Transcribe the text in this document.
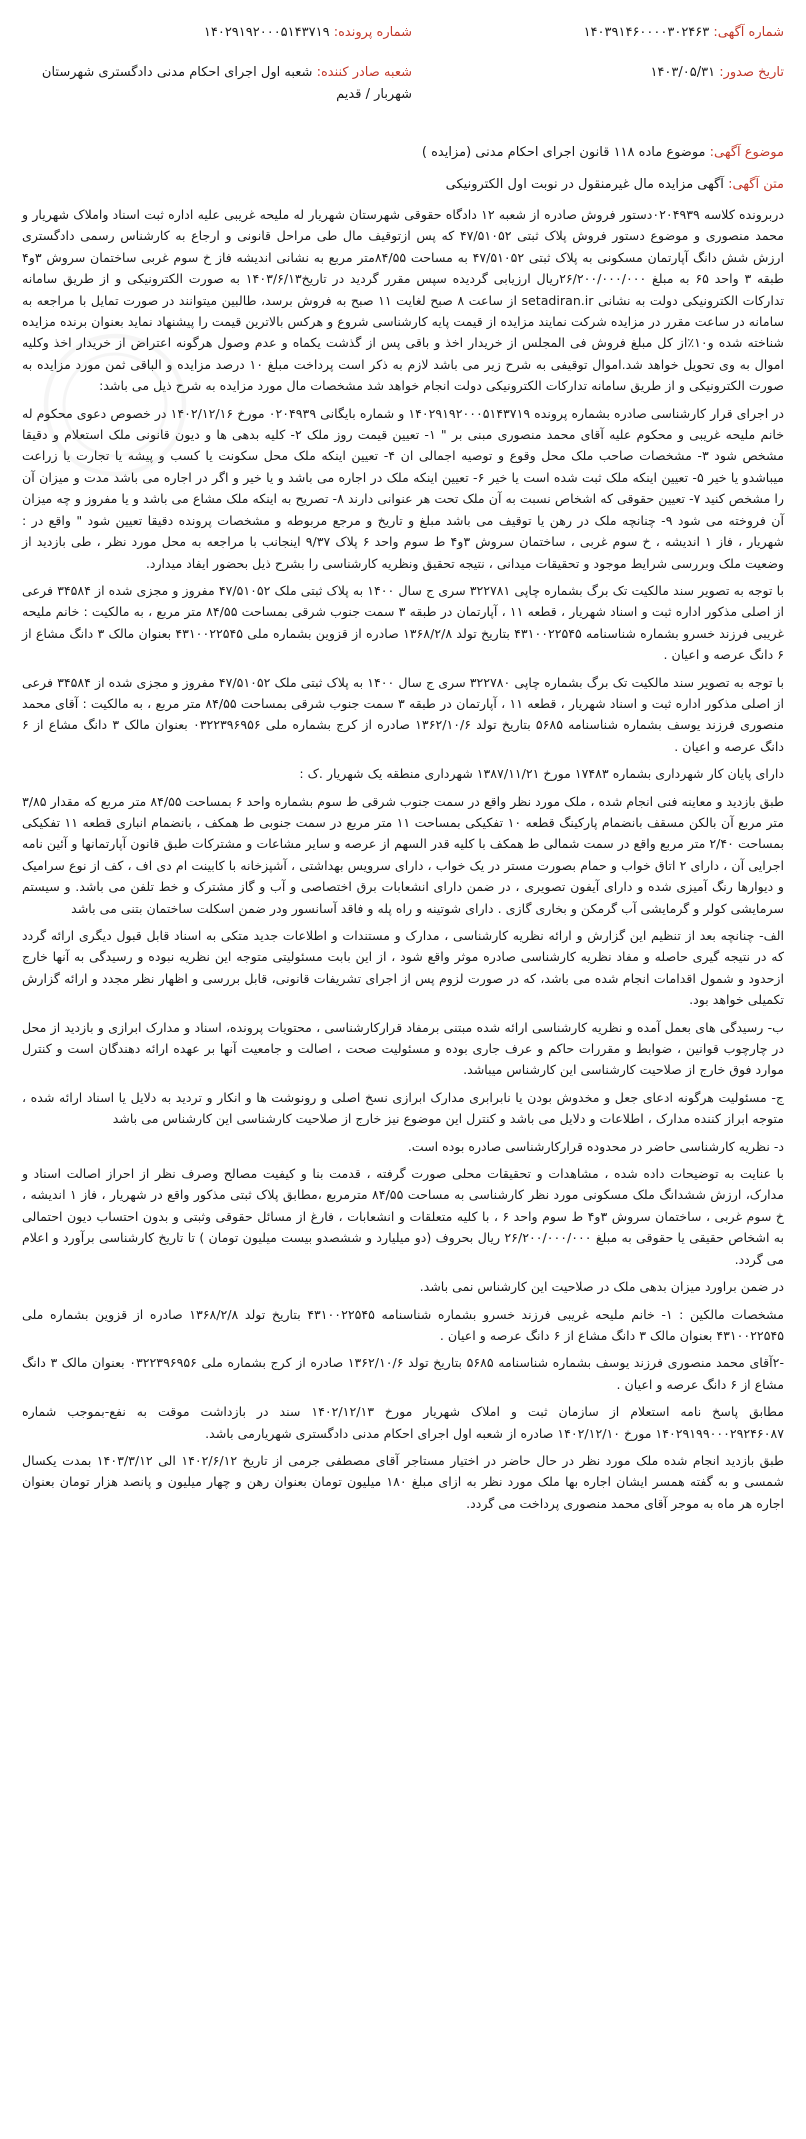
شماره آگهی: ۱۴۰۳۹۱۴۶۰۰۰۰۳۰۲۴۶۳
شماره پرونده: ۱۴۰۲۹۱۹۲۰۰۰۵۱۴۳۷۱۹
تاریخ صدور: ۱۴۰۳/۰۵/۳۱
شعبه صادر کننده: شعبه اول اجرای احکام مدنی دادگستری شهرستان شهربار / قدیم
موضوع آگهی: موضوع ماده ۱۱۸ قانون اجرای احکام مدنی (مزایده )
متن آگهی: آگهی مزایده مال غیرمنقول در نوبت اول الکترونیکی

دربرونده کلاسه ۰۲۰۴۹۳۹دستور فروش صادره از شعبه ۱۲ دادگاه حقوقی شهرستان شهریار له ملیحه غریبی علیه اداره ثبت اسناد واملاک شهریار و محمد منصوری و موضوع دستور فروش پلاک ثبتی ۴۷/۵۱۰۵۲ که پس ازتوقیف مال طی مراحل قانونی و ارجاع به کارشناس رسمی دادگستری ارزش شش دانگ آپارتمان مسکونی به پلاک ثبتی ۴۷/۵۱۰۵۲ به مساحت ۸۴/۵۵متر مربع به نشانی اندیشه فاز خ سوم غربی ساختمان سروش ۳و۴ طبقه ۳ واحد ۶۵ به مبلغ ۲۶/۲۰۰/۰۰۰/۰۰۰ریال ارزیابی گردیده سپس مقرر گردید در تاریخ۱۴۰۳/۶/۱۳ به صورت الکترونیکی و از طریق سامانه تدارکات الکترونیکی دولت به نشانی setadiran.ir از ساعت ۸ صبح لغایت ۱۱ صبح به فروش برسد، طالبین میتوانند در صورت تمایل با مراجعه به سامانه در ساعت مقرر در مزایده شرکت نمایند مزایده از قیمت پایه کارشناسی شروع و هرکس بالاترین قیمت را پیشنهاد نماید بعنوان برنده مزایده شناخته شده و۱۰٪از کل مبلغ فروش فی المجلس از خریدار اخذ و باقی پس از گذشت یکماه و عدم وصول هرگونه اعتراض از خریدار اخذ وکلیه اموال به وی تحویل خواهد شد.اموال توقیفی به شرح زیر می باشد لازم به ذکر است پرداخت مبلغ ۱۰ درصد مزایده و الباقی ثمن مورد مزایده به صورت الکترونیکی و از طریق سامانه تدارکات الکترونیکی دولت انجام خواهد شد مشخصات مال مورد مزایده به شرح ذیل می باشد:

در اجرای قرار کارشناسی صادره بشماره پرونده ۱۴۰۲۹۱۹۲۰۰۰۵۱۴۳۷۱۹ و شماره بایگانی ۰۲۰۴۹۳۹ مورخ ۱۴۰۲/۱۲/۱۶ در خصوص دعوی محکوم له خانم ملیحه غریبی و محکوم علیه آقای محمد منصوری مبنی بر " ۱- تعیین قیمت روز ملک ۲- کلیه بدهی ها و دیون قانونی ملک استعلام و دقیقا مشخص شود ۳- مشخصات صاحب ملک محل وقوع و توصیه اجمالی ان ۴- تعیین اینکه ملک محل سکونت یا کسب و پیشه یا تجارت یا زراعت میباشدو یا خیر ۵- تعیین اینکه ملک ثبت شده است یا خیر ۶- تعیین اینکه ملک در اجاره می باشد و یا خیر و اگر در اجاره می باشد مدت و میزان آن را مشخص کنید ۷- تعیین حقوقی که اشخاص نسبت به آن ملک تحت هر عنوانی دارند ۸- تصریح به اینکه ملک مشاع می باشد و یا مفروز و چه میزان آن فروخته می شود ۹- چنانچه ملک در رهن یا توقیف می باشد مبلغ و تاریخ و مرجع مربوطه و مشخصات پرونده دقیقا تعیین شود " واقع در : شهریار ، فاز ۱ اندیشه ، خ سوم غربی ، ساختمان سروش ۳و۴ ط سوم واحد ۶ پلاک ۹/۳۷ اینجانب با مراجعه به محل مورد نظر ، طی بازدید از وضعیت ملک وبررسی شرایط موجود و تحقیقات میدانی ، نتیجه تحقیق ونظریه کارشناسی را بشرح ذیل بحضور ایفاد میدارد.

با توجه به تصویر سند مالکیت تک برگ بشماره چاپی ۳۲۲۷۸۱ سری ج سال ۱۴۰۰ به پلاک ثبتی ملک ۴۷/۵۱۰۵۲ مفروز و مجزی شده از ۳۴۵۸۴ فرعی از اصلی مذکور اداره ثبت و اسناد شهریار ، قطعه ۱۱ ، آپارتمان در طبقه ۳ سمت جنوب شرقی بمساحت ۸۴/۵۵ متر مربع ، به مالکیت : خانم ملیحه غریبی فرزند خسرو بشماره شناسنامه ۴۳۱۰۰۲۲۵۴۵ بتاریخ تولد ۱۳۶۸/۲/۸ صادره از قزوین بشماره ملی ۴۳۱۰۰۲۲۵۴۵ بعنوان مالک ۳ دانگ مشاع از ۶ دانگ عرصه و اعیان .

با توجه به تصویر سند مالکیت تک برگ بشماره چاپی ۳۲۲۷۸۰ سری ج سال ۱۴۰۰ به پلاک ثبتی ملک ۴۷/۵۱۰۵۲ مفروز و مجزی شده از ۳۴۵۸۴ فرعی از اصلی مذکور اداره ثبت و اسناد شهریار ، قطعه ۱۱ ، آپارتمان در طبقه ۳ سمت جنوب شرقی بمساحت ۸۴/۵۵ متر مربع ، به مالکیت : آقای محمد منصوری فرزند یوسف بشماره شناسنامه ۵۶۸۵ بتاریخ تولد ۱۳۶۲/۱۰/۶ صادره از کرج بشماره ملی ۰۳۲۲۳۹۶۹۵۶ بعنوان مالک ۳ دانگ مشاع از ۶ دانگ عرصه و اعیان .

دارای پایان کار شهرداری بشماره ۱۷۴۸۳ مورخ ۱۳۸۷/۱۱/۲۱ شهرداری منطقه یک شهریار .ک :

طبق بازدید و معاینه فنی انجام شده ، ملک مورد نظر واقع در سمت جنوب شرقی ط سوم بشماره واحد ۶ بمساحت ۸۴/۵۵ متر مربع که مقدار ۳/۸۵ متر مربع آن بالکن مسقف بانضمام پارکینگ قطعه ۱۰ تفکیکی بمساحت ۱۱ متر مربع در سمت جنوبی ط همکف ، بانضمام انباری قطعه ۱۱ تفکیکی بمساحت ۲/۴۰ متر مربع واقع در سمت شمالی ط همکف با کلیه قدر السهم از عرصه و سایر مشاعات و مشترکات طبق قانون آپارتمانها و آئین نامه اجرایی آن ، دارای ۲ اتاق خواب و حمام بصورت مستر در یک خواب ، دارای سرویس بهداشتی ، آشپزخانه با کابینت ام دی اف ، کف از نوع سرامیک و دیوارها رنگ آمیزی شده و دارای آیفون تصویری ، در ضمن دارای انشعابات برق اختصاصی و آب و گاز مشترک و خط تلفن می باشد. و سیستم سرمایشی کولر و گرمایشی آب گرمکن و بخاری گازی . دارای شوتینه و راه پله و فاقد آسانسور ودر ضمن اسکلت ساختمان بتنی می باشد

الف- چنانچه بعد از تنظیم این گزارش و ارائه نظریه کارشناسی ، مدارک و مستندات و اطلاعات جدید متکی به اسناد قابل قبول دیگری ارائه گردد که در نتیجه گیری حاصله و مفاد نظریه کارشناسی صادره موثر واقع شود ، از این بابت مسئولیتی متوجه این نظریه نبوده و رسیدگی به آنها خارج ازحدود و شمول اقدامات انجام شده می باشد، که در صورت لزوم پس از اجرای تشریفات قانونی، قابل بررسی و اظهار نظر مجدد و ارائه گزارش تکمیلی خواهد بود.

ب- رسیدگی های بعمل آمده و نظریه کارشناسی ارائه شده مبتنی برمفاد قرارکارشناسی ، محتویات پرونده، اسناد و مدارک ابرازی و بازدید از محل در چارچوب قوانین ، ضوابط و مقررات حاکم و عرف جاری بوده و مسئولیت صحت ، اصالت و جامعیت آنها بر عهده ارائه دهندگان است و کنترل موارد فوق خارج از صلاحیت کارشناسی این کارشناس میباشد.

ج- مسئولیت هرگونه ادعای جعل و مخدوش بودن یا نابرابری مدارک ابرازی نسخ اصلی و رونوشت ها و انکار و تردید به دلایل یا اسناد ارائه شده ، متوجه ابراز کننده مدارک ، اطلاعات و دلایل می باشد و کنترل این موضوع نیز خارج از صلاحیت کارشناسی این کارشناس می باشد

د- نظریه کارشناسی حاضر در محدوده قرارکارشناسی صادره بوده است.

با عنایت به توضیحات داده شده ، مشاهدات و تحقیقات محلی صورت گرفته ، قدمت بنا و کیفیت مصالح وصرف نظر از احراز اصالت اسناد و مدارک، ارزش ششدانگ ملک مسکونی مورد نظر کارشناسی به مساحت ۸۴/۵۵ مترمربع ،مطابق پلاک ثبتی مذکور واقع در شهریار ، فاز ۱ اندیشه ، خ سوم غربی ، ساختمان سروش ۳و۴ ط سوم واحد ۶ ، با کلیه متعلقات و انشعابات ، فارغ از مسائل حقوقی وثبتی و بدون احتساب دیون احتمالی به اشخاص حقیقی یا حقوقی به مبلغ ۲۶/۲۰۰/۰۰۰/۰۰۰ ریال بحروف (دو میلیارد و ششصدو بیست میلیون تومان ) تا تاریخ کارشناسی برآورد و اعلام می گردد.

در ضمن براورد میزان بدهی ملک در صلاحیت این کارشناس نمی باشد.

مشخصات مالکین : ۱- خانم ملیحه غریبی فرزند خسرو بشماره شناسنامه ۴۳۱۰۰۲۲۵۴۵ بتاریخ تولد ۱۳۶۸/۲/۸ صادره از قزوین بشماره ملی ۴۳۱۰۰۲۲۵۴۵ بعنوان مالک ۳ دانگ مشاع از ۶ دانگ عرصه و اعیان .

-۲آقای محمد منصوری فرزند یوسف بشماره شناسنامه ۵۶۸۵ بتاریخ تولد ۱۳۶۲/۱۰/۶ صادره از کرج بشماره ملی ۰۳۲۲۳۹۶۹۵۶ بعنوان مالک ۳ دانگ مشاع از ۶ دانگ عرصه و اعیان .

مطابق پاسخ نامه استعلام از سازمان ثبت و املاک شهریار مورخ ۱۴۰۲/۱۲/۱۳ سند در بازداشت موقت به نفع-بموجب شماره ۱۴۰۲۹۱۹۹۰۰۰۲۹۲۴۶۰۸۷ مورخ ۱۴۰۲/۱۲/۱۰ صادره از شعبه اول اجرای احکام مدنی دادگستری شهریارمی باشد.

طبق بازدید انجام شده ملک مورد نظر در حال حاضر در اختیار مستاجر آقای مصطفی جرمی از تاریخ ۱۴۰۲/۶/۱۲ الی ۱۴۰۳/۳/۱۲ بمدت یکسال شمسی و به گفته همسر ایشان اجاره بها ملک مورد نظر به ازای مبلغ ۱۸۰ میلیون تومان بعنوان رهن و چهار میلیون و پانصد هزار تومان بعنوان اجاره هر ماه به موجر آقای محمد منصوری پرداخت می گردد.
